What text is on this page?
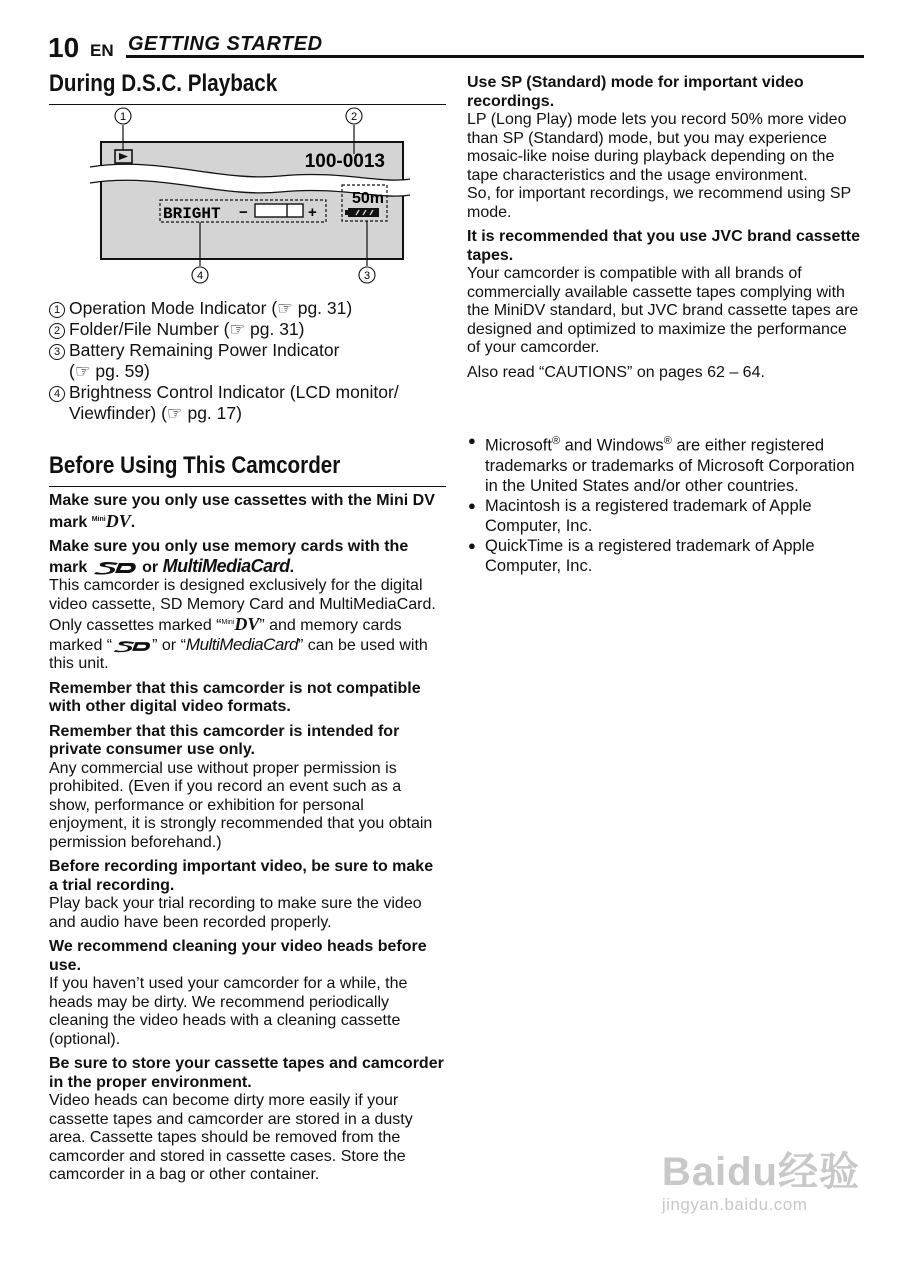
10 EN GETTING STARTED
During D.S.C. Playback
100-0013
BRIGHT −	+
50m
1	2
3
4
1 Operation Mode Indicator (☞ pg. 31)
2 Folder/File Number (☞ pg. 31)
3 Battery Remaining Power Indicator
(☞ pg. 59)
4 Brightness Control Indicator (LCD monitor/
Viewfinder) (☞ pg. 17)
Before Using This Camcorder

Make sure you only use cassettes with the Mini DV mark $^{Mini}$DV.

Make sure you only use memory cards with the mark	or MultiMediaCard.
This camcorder is designed exclusively for the digital video cassette, SD Memory Card and MultiMediaCard. Only cassettes marked “$^{Mini}$DV” and memory cards marked “	” or “MultiMediaCard” can be used with this unit.

Remember that this camcorder is not compatible with other digital video formats.

Remember that this camcorder is intended for private consumer use only.
Any commercial use without proper permission is prohibited. (Even if you record an event such as a show, performance or exhibition for personal enjoyment, it is strongly recommended that you obtain permission beforehand.)

Before recording important video, be sure to make a trial recording.
Play back your trial recording to make sure the video and audio have been recorded properly.

We recommend cleaning your video heads before use.
If you haven’t used your camcorder for a while, the heads may be dirty. We recommend periodically cleaning the video heads with a cleaning cassette (optional).

Be sure to store your cassette tapes and camcorder in the proper environment.
Video heads can become dirty more easily if your cassette tapes and camcorder are stored in a dusty area. Cassette tapes should be removed from the camcorder and stored in cassette cases. Store the camcorder in a bag or other container.

Use SP (Standard) mode for important video recordings.
LP (Long Play) mode lets you record 50% more video than SP (Standard) mode, but you may experience mosaic-like noise during playback depending on the tape characteristics and the usage environment.
So, for important recordings, we recommend using SP mode.

It is recommended that you use JVC brand cassette tapes.
Your camcorder is compatible with all brands of commercially available cassette tapes complying with the MiniDV standard, but JVC brand cassette tapes are designed and optimized to maximize the performance of your camcorder.

Also read “CAUTIONS” on pages 62 – 64.

● Microsoft® and Windows® are either registered trademarks or trademarks of Microsoft Corporation in the United States and/or other countries.
● Macintosh is a registered trademark of Apple Computer, Inc.
● QuickTime is a registered trademark of Apple Computer, Inc.
Baidu经验
jingyan.baidu.com
